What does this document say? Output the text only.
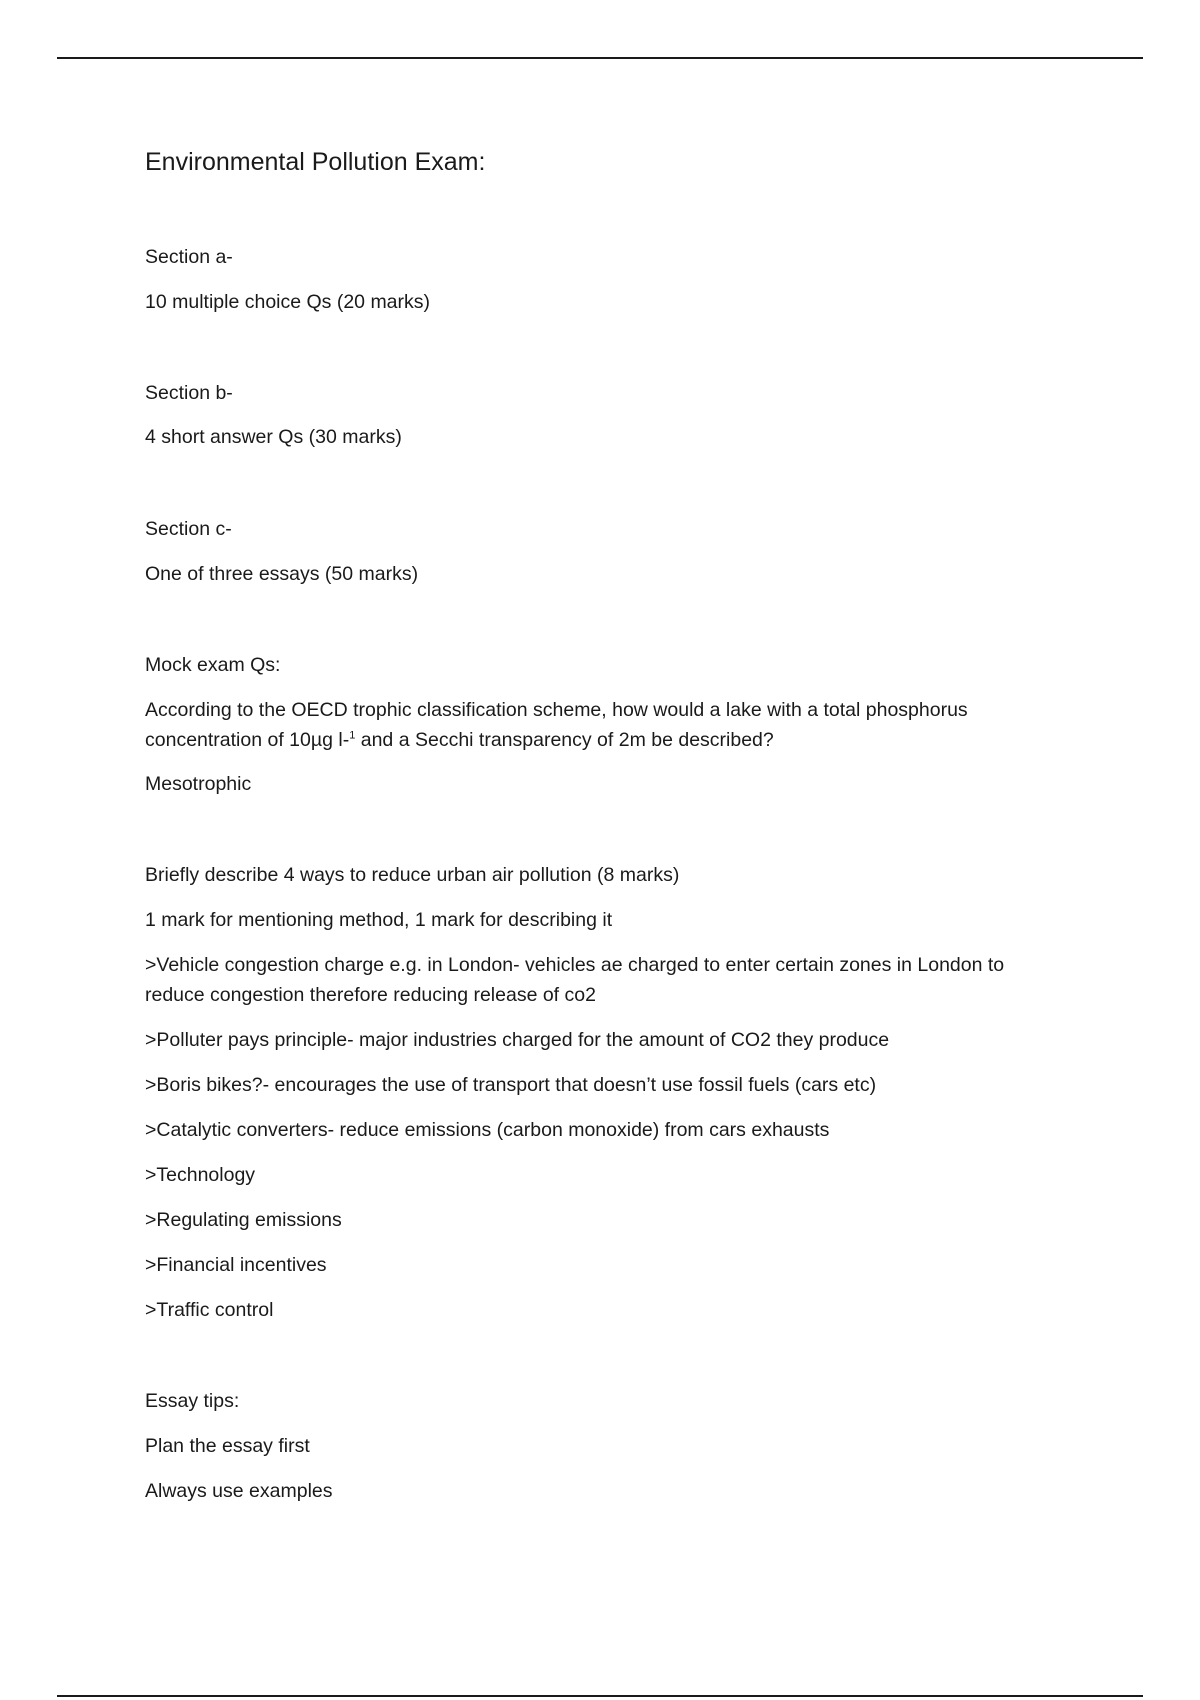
Environmental Pollution Exam:

Section a-

10 multiple choice Qs (20 marks)

Section b-

4 short answer Qs (30 marks)

Section c-

One of three essays (50 marks)

Mock exam Qs:

According to the OECD trophic classification scheme, how would a lake with a total phosphorus

concentration of 10µg l-$^1$ and a Secchi transparency of 2m be described?

Mesotrophic

Briefly describe 4 ways to reduce urban air pollution (8 marks)

1 mark for mentioning method, 1 mark for describing it

>Vehicle congestion charge e.g. in London- vehicles ae charged to enter certain zones in London to

reduce congestion therefore reducing release of co2

>Polluter pays principle- major industries charged for the amount of CO2 they produce

>Boris bikes?- encourages the use of transport that doesn’t use fossil fuels (cars etc)

>Catalytic converters- reduce emissions (carbon monoxide) from cars exhausts

>Technology

>Regulating emissions

>Financial incentives

>Traffic control

Essay tips:

Plan the essay first

Always use examples
